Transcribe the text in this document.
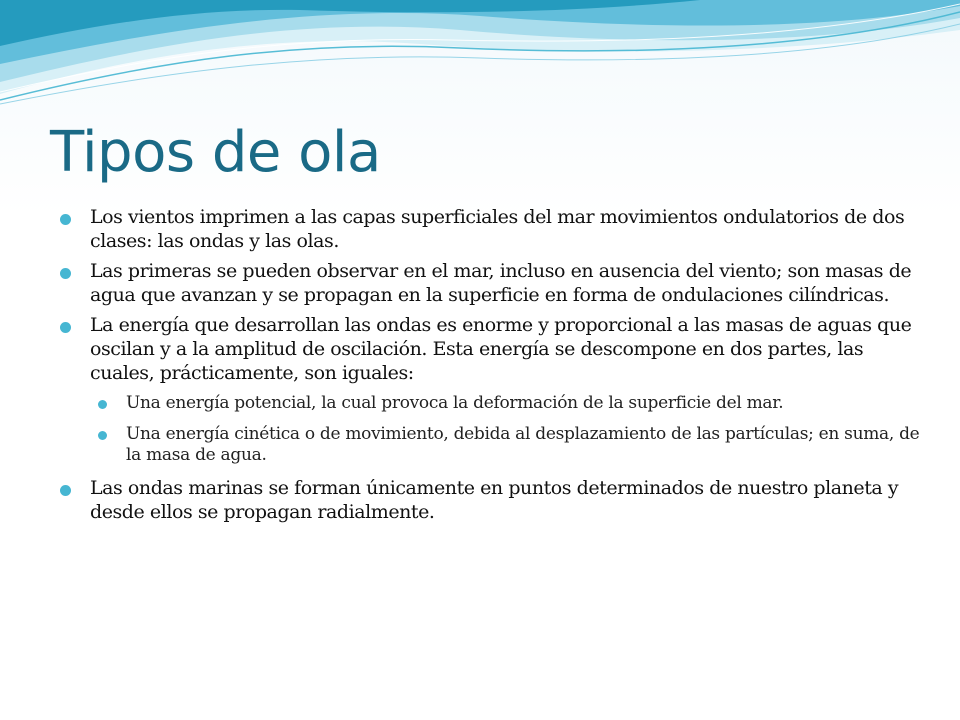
Tipos de ola
Los vientos imprimen a las capas superficiales del mar movimientos ondulatorios de dos clases: las ondas y las olas.
Las primeras se pueden observar en el mar, incluso en ausencia del viento; son masas de agua que avanzan y se propagan en la superficie en forma de ondulaciones cilíndricas.
La energía que desarrollan las ondas es enorme y proporcional a las masas de aguas que oscilan y a la amplitud de oscilación. Esta energía se descompone en dos partes, las cuales, prácticamente, son iguales:
Una energía potencial, la cual provoca la deformación de la superficie del mar.
Una energía cinética o de movimiento, debida al desplazamiento de las partículas; en suma, de la masa de agua.
Las ondas marinas se forman únicamente en puntos determinados de nuestro planeta y desde ellos se propagan radialmente.
